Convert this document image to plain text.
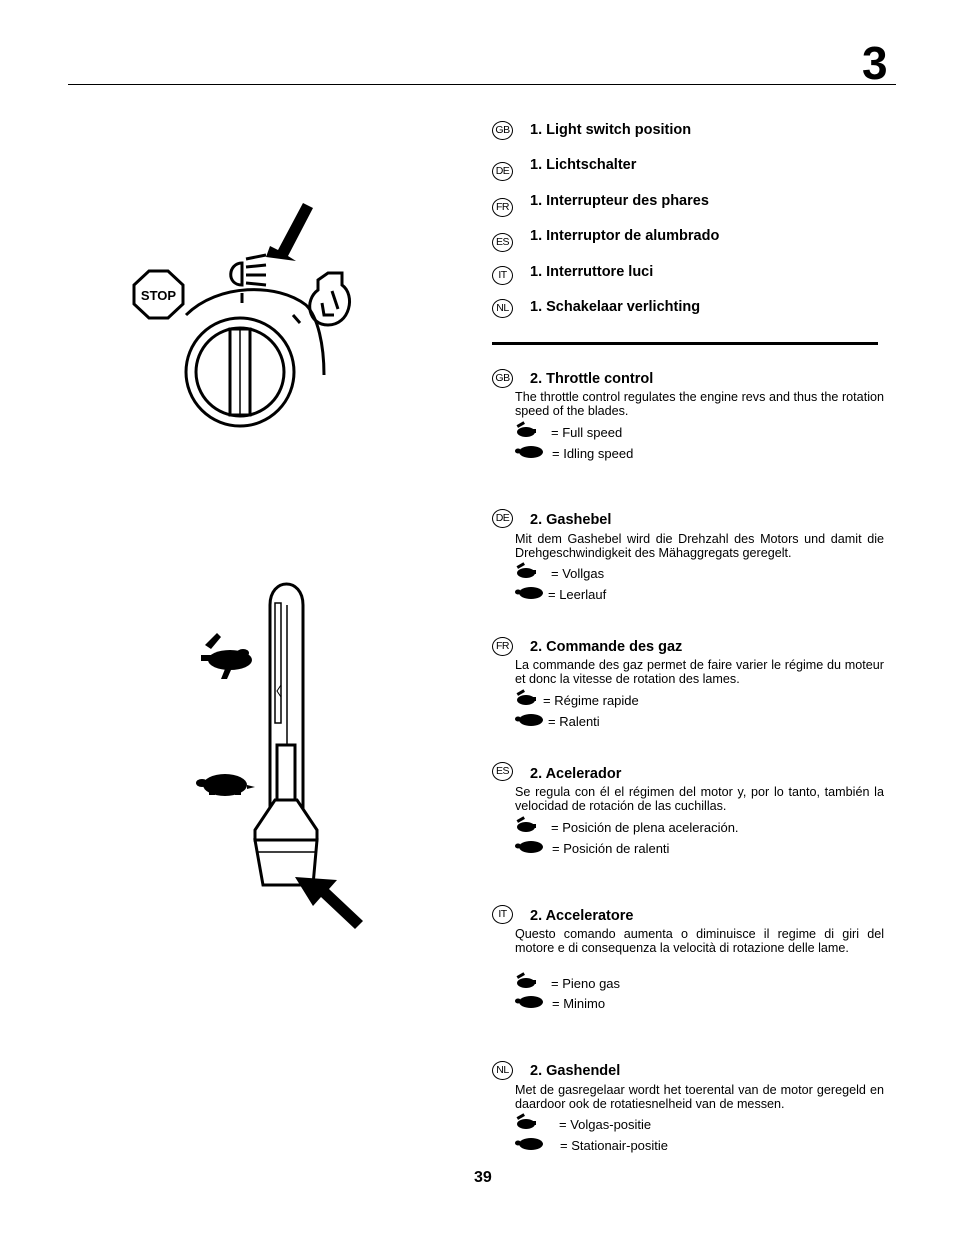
3
STOP
GB 1. Light switch position
DE 1. Lichtschalter
FR 1. Interrupteur des phares
ES 1. Interruptor de alumbrado
IT	1. Interruttore luci
NL 1. Schakelaar verlichting
GB 2. Throttle control
The throttle control regulates the engine revs and thus the rotation speed of the blades.
= Full speed
= Idling speed
DE 2. Gashebel
Mit dem Gashebel wird die Drehzahl des Motors und damit die Drehgeschwindigkeit des Mähaggregats geregelt.
= Vollgas
= Leerlauf
FR 2. Commande des gaz
La commande des gaz permet de faire varier le régime du moteur et donc la vitesse de rotation des lames.
= Régime rapide
= Ralenti
ES 2. Acelerador
Se regula con él el régimen del motor y, por lo tanto, también la velocidad de rotación de las cuchillas.
= Posición de plena aceleración.
= Posición de ralenti
IT	2. Acceleratore
Questo comando aumenta o diminuisce il regime di giri del motore e di consequenza la velocità di rotazione delle lame.
= Pieno gas
= Minimo
NL 2. Gashendel
Met de gasregelaar wordt het toerental van de motor geregeld en daardoor ook de rotatiesnelheid van de messen.
= Volgas-positie
= Stationair-positie
39
